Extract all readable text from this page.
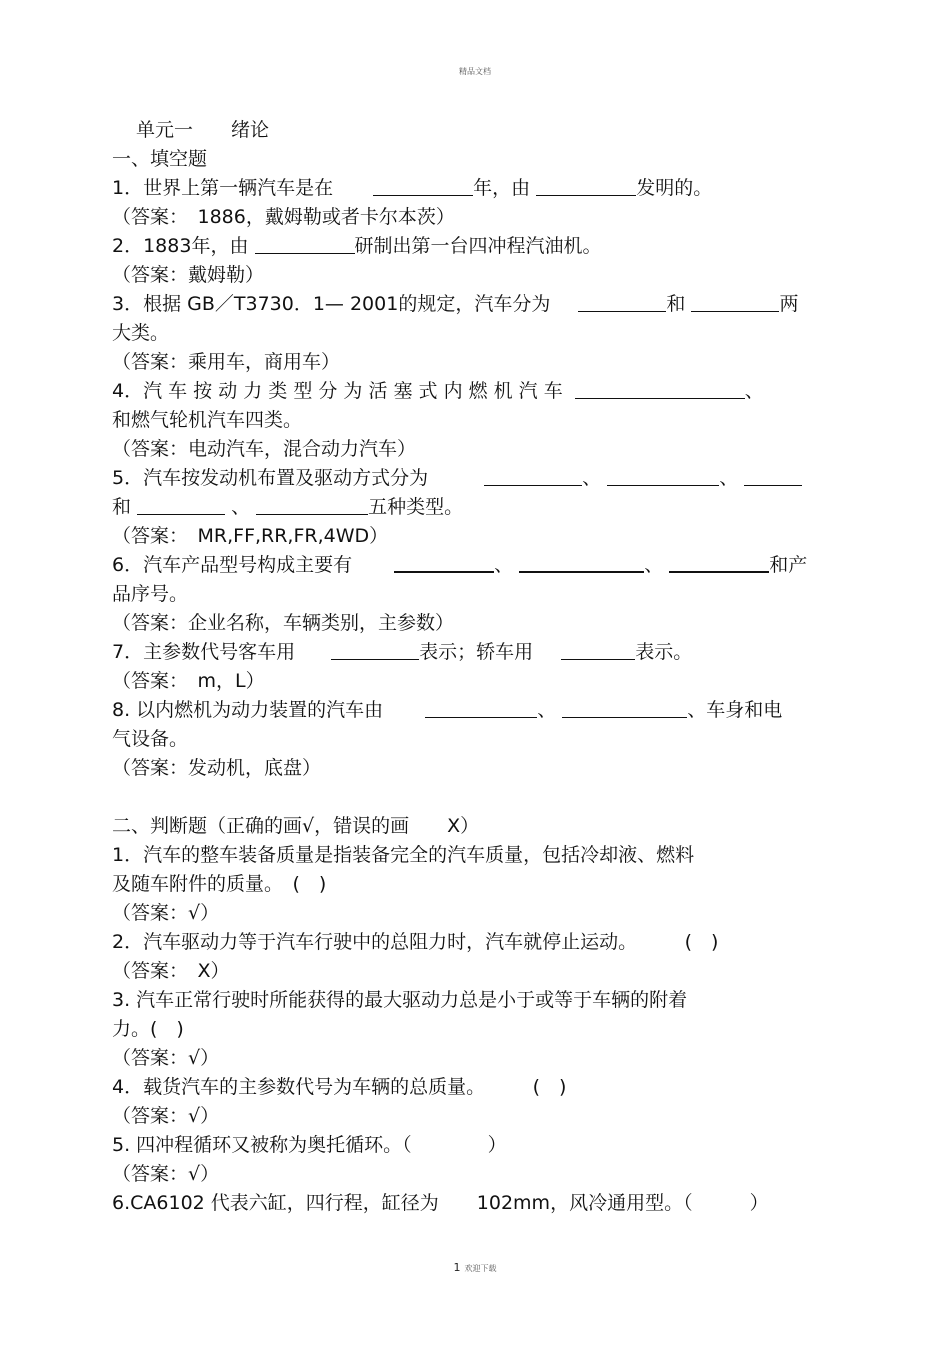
精品文档
单元一　　绪论
一、填空题
1．世界上第一辆汽车是在	年，由	发明的。
（答案：　1886，戴姆勒或者卡尔本茨）
2．1883年，由	研制出第一台四冲程汽油机。
（答案：戴姆勒）
3．根据 GB／T3730．1— 2001的规定，汽车分为	和	两
大类。
（答案：乘用车，商用车）
4．汽 车 按 动 力 类 型 分 为 活 塞 式 内 燃 机 汽 车	、
和燃气轮机汽车四类。
（答案：电动汽车，混合动力汽车）
5．汽车按发动机布置及驱动方式分为	、	、
和	、	五种类型。
（答案：　MR,FF,RR,FR,4WD）
6．汽车产品型号构成主要有	、	、	和产
品序号。
（答案：企业名称，车辆类别，主参数）
7．主参数代号客车用	表示；轿车用	表示。
（答案：　m，L）
8. 以内燃机为动力装置的汽车由	、	、车身和电
气设备。
（答案：发动机，底盘）
二、判断题（正确的画√，错误的画　　X）
1．汽车的整车装备质量是指装备完全的汽车质量，包括冷却液、燃料
及随车附件的质量。　(　)
（答案：√）
2．汽车驱动力等于汽车行驶中的总阻力时，汽车就停止运动。　　　(　)
（答案：　X）
3. 汽车正常行驶时所能获得的最大驱动力总是小于或等于车辆的附着
力。(　)
（答案：√）
4．载货汽车的主参数代号为车辆的总质量。　　　(　)
（答案：√）
5. 四冲程循环又被称为奥托循环。（　　　　）
（答案：√）
6.CA6102 代表六缸，四行程，缸径为　　102mm，风冷通用型。（　　　）
1 欢迎下载
